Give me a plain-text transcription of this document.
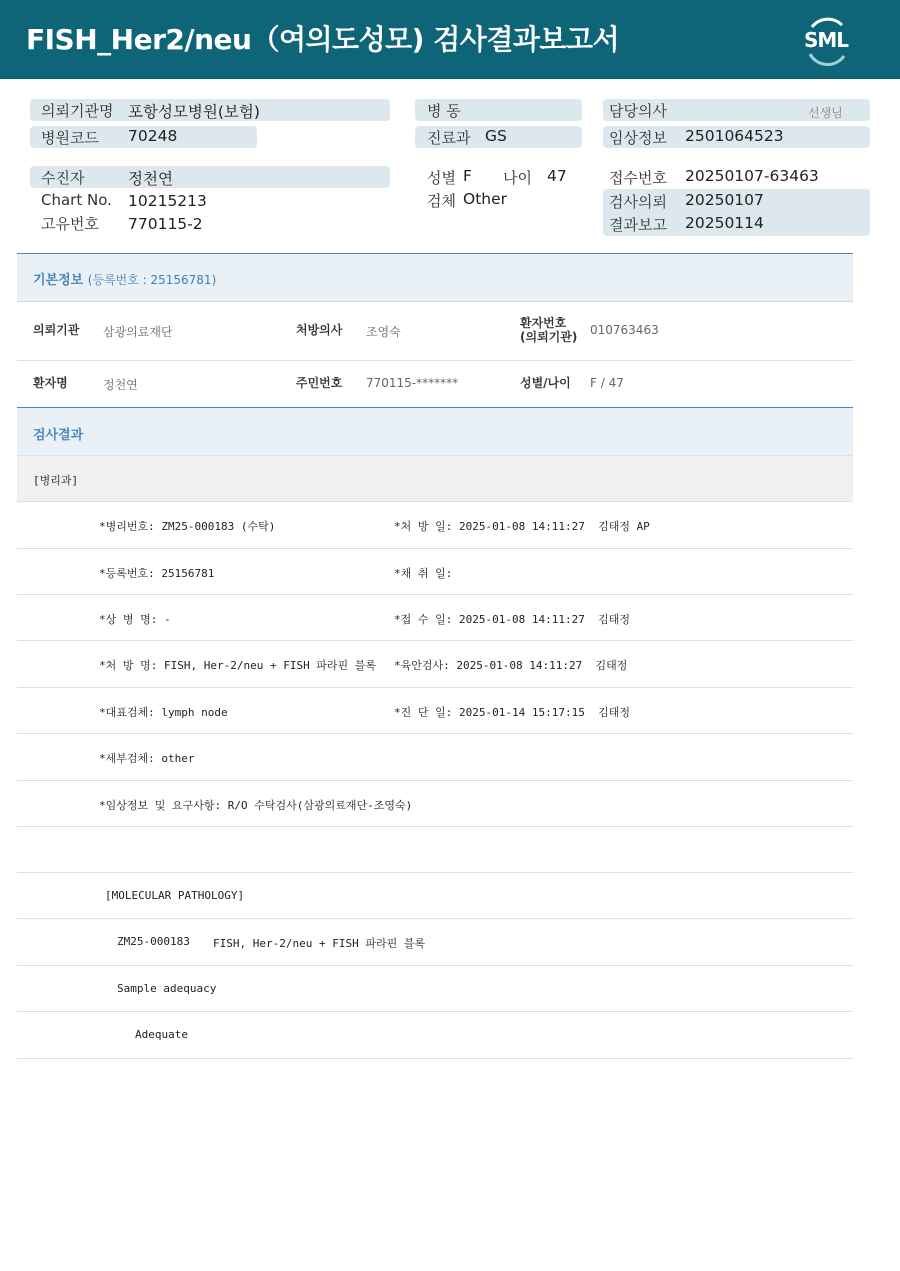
FISH_Her2/neu（여의도성모) 검사결과보고서	SML
의뢰기관명 포항성모병원(보험)
병원코드 70248
병 동
진료과 GS
담당의사	선생님
임상정보 2501064523
수진자	정천연
Chart No. 10215213
고유번호 770115-2
성별 F 나이 47
검체 Other
접수번호 20250107-63463
검사의뢰 20250107
결과보고 20250114
기본정보 (등록번호 : 25156781)
의뢰기관 삼광의료재단	처방의사 조영숙
환자번호
(의뢰기관) 010763463
환자명	정천연	주민번호 770115-*******	성별/나이 F / 47
검사결과
[병리과]
*병리번호: ZM25-000183 (수탁)	*처 방 일: 2025-01-08 14:11:27  김태정 AP
*등록번호: 25156781	*채 취 일:
*상 병 명: -	*접 수 일: 2025-01-08 14:11:27  김태정
*처 방 명: FISH, Her-2/neu + FISH 파라핀 블록 *육안검사: 2025-01-08 14:11:27  김태정
*대표검체: lymph node	*진 단 일: 2025-01-14 15:17:15  김태정
*세부검체: other
*임상정보 및 요구사항: R/O 수탁검사(삼광의료재단-조영숙)
[MOLECULAR PATHOLOGY]
ZM25-000183 FISH, Her-2/neu + FISH 파라핀 블록
Sample adequacy
Adequate
